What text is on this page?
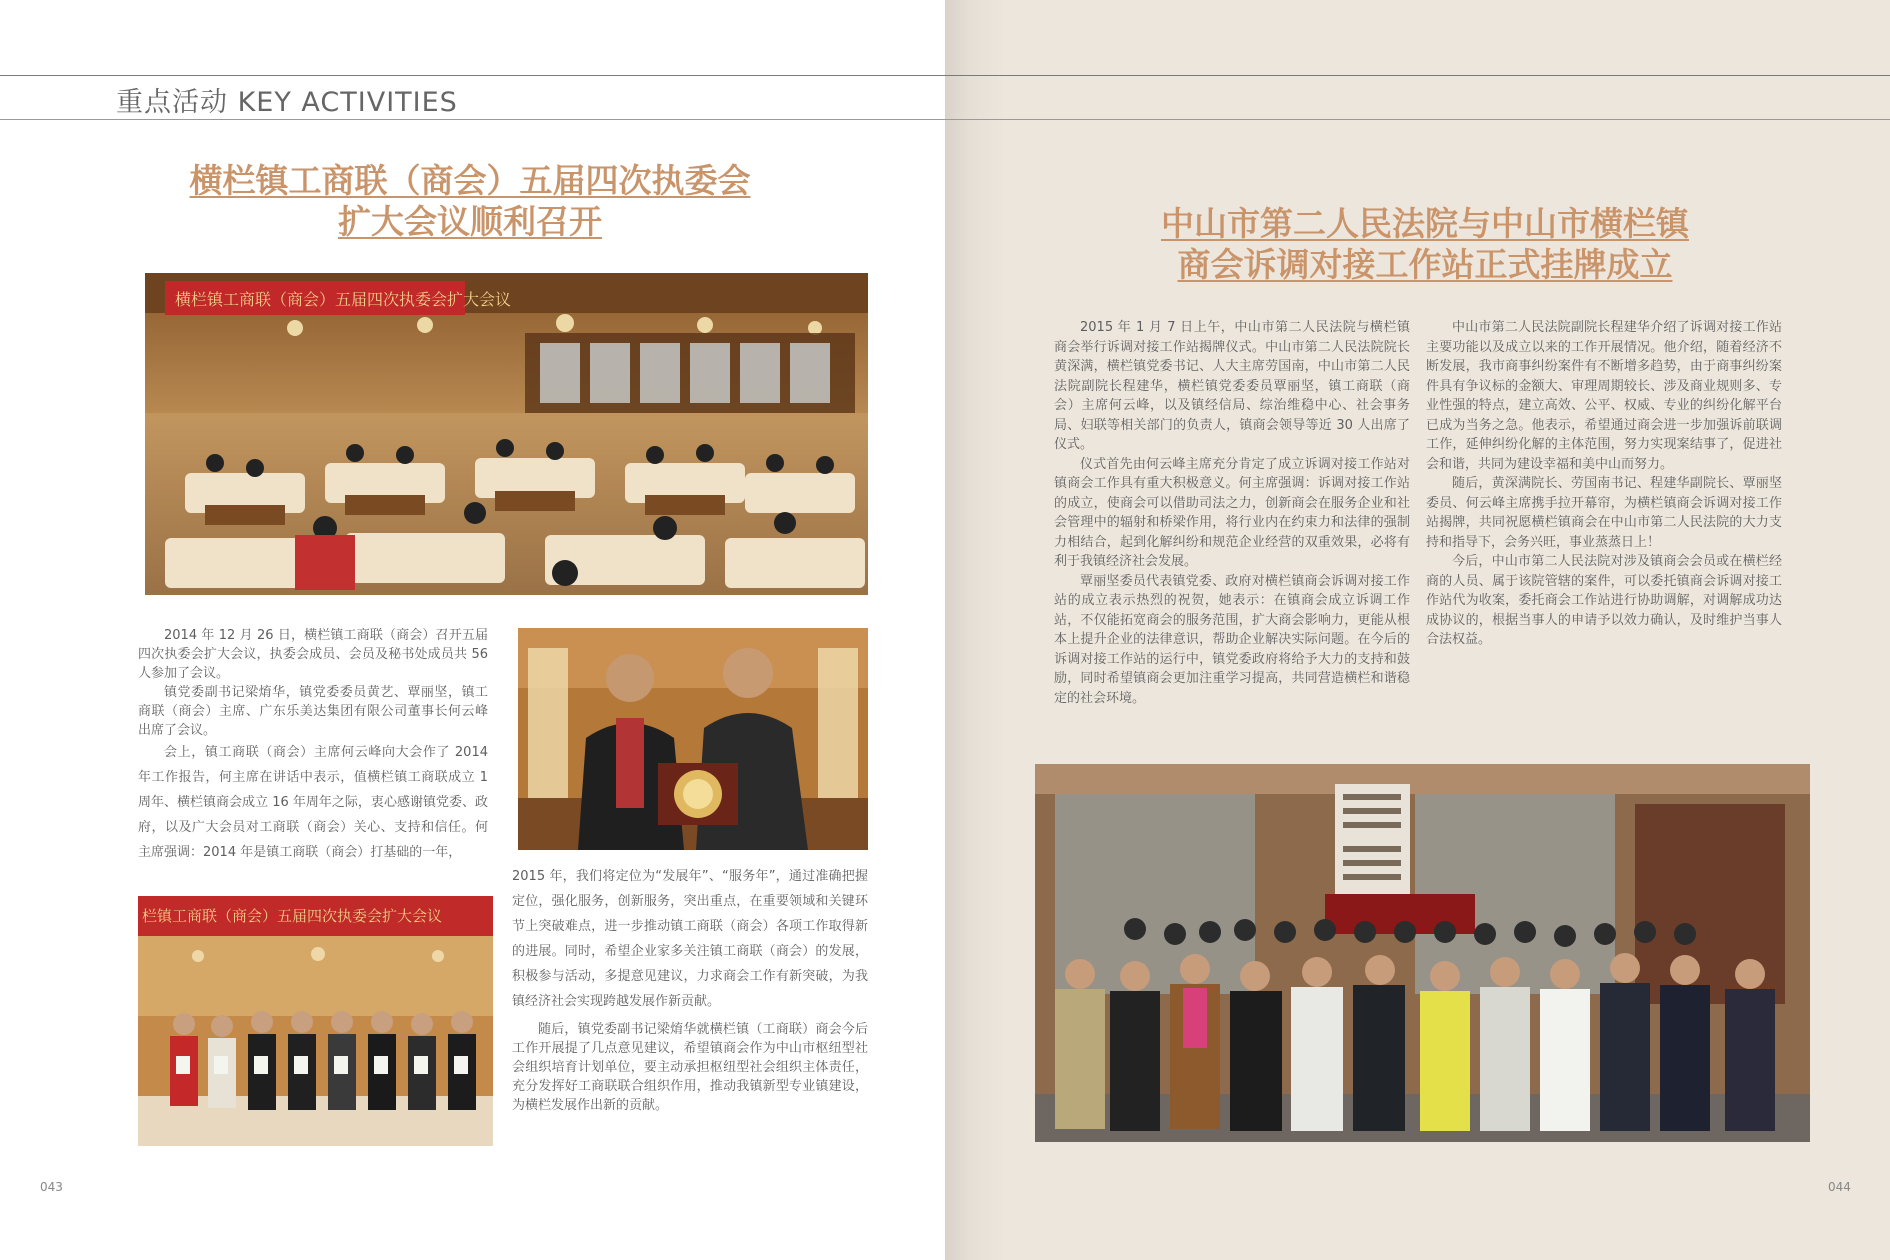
重点活动 KEY ACTIVITIES
横栏镇工商联（商会）五届四次执委会
扩大会议顺利召开
横栏镇工商联（商会）五届四次执委会扩大会议

2014 年 12 月 26 日，横栏镇工商联（商会）召开五届四次执委会扩大会议，执委会成员、会员及秘书处成员共 56 人参加了会议。

镇党委副书记梁焴华，镇党委委员黄艺、覃丽坚，镇工商联（商会）主席、广东乐美达集团有限公司董事长何云峰出席了会议。

会上，镇工商联（商会）主席何云峰向大会作了 2014 年工作报告，何主席在讲话中表示，值横栏镇工商联成立 1 周年、横栏镇商会成立 16 年周年之际，衷心感谢镇党委、政府，以及广大会员对工商联（商会）关心、支持和信任。何主席强调：2014 年是镇工商联（商会）打基础的一年，

栏镇工商联（商会）五届四次执委会扩大会议

2015 年，我们将定位为“发展年”、“服务年”，通过准确把握定位，强化服务，创新服务，突出重点，在重要领域和关键环节上突破难点，进一步推动镇工商联（商会）各项工作取得新的进展。同时，希望企业家多关注镇工商联（商会）的发展，积极参与活动，多提意见建议，力求商会工作有新突破，为我镇经济社会实现跨越发展作新贡献。

随后，镇党委副书记梁焴华就横栏镇（工商联）商会今后工作开展提了几点意见建议，希望镇商会作为中山市枢纽型社会组织培育计划单位，要主动承担枢纽型社会组织主体责任，充分发挥好工商联联合组织作用，推动我镇新型专业镇建设，为横栏发展作出新的贡献。

043
中山市第二人民法院与中山市横栏镇
商会诉调对接工作站正式挂牌成立

2015 年 1 月 7 日上午，中山市第二人民法院与横栏镇商会举行诉调对接工作站揭牌仪式。中山市第二人民法院院长黄深满，横栏镇党委书记、人大主席劳国南，中山市第二人民法院副院长程建华，横栏镇党委委员覃丽坚，镇工商联（商会）主席何云峰，以及镇经信局、综治维稳中心、社会事务局、妇联等相关部门的负责人，镇商会领导等近 30 人出席了仪式。

仪式首先由何云峰主席充分肯定了成立诉调对接工作站对镇商会工作具有重大积极意义。何主席强调：诉调对接工作站的成立，使商会可以借助司法之力，创新商会在服务企业和社会管理中的辐射和桥梁作用，将行业内在约束力和法律的强制力相结合，起到化解纠纷和规范企业经营的双重效果，必将有利于我镇经济社会发展。

覃丽坚委员代表镇党委、政府对横栏镇商会诉调对接工作站的成立表示热烈的祝贺，她表示：在镇商会成立诉调工作站，不仅能拓宽商会的服务范围，扩大商会影响力，更能从根本上提升企业的法律意识，帮助企业解决实际问题。在今后的诉调对接工作站的运行中，镇党委政府将给予大力的支持和鼓励，同时希望镇商会更加注重学习提高，共同营造横栏和谐稳定的社会环境。

中山市第二人民法院副院长程建华介绍了诉调对接工作站主要功能以及成立以来的工作开展情况。他介绍，随着经济不断发展，我市商事纠纷案件有不断增多趋势，由于商事纠纷案件具有争议标的金额大、审理周期较长、涉及商业规则多、专业性强的特点，建立高效、公平、权威、专业的纠纷化解平台已成为当务之急。他表示，希望通过商会进一步加强诉前联调工作，延伸纠纷化解的主体范围，努力实现案结事了，促进社会和谐，共同为建设幸福和美中山而努力。

随后，黄深满院长、劳国南书记、程建华副院长、覃丽坚委员、何云峰主席携手拉开幕帘，为横栏镇商会诉调对接工作站揭牌，共同祝愿横栏镇商会在中山市第二人民法院的大力支持和指导下，会务兴旺，事业蒸蒸日上！

今后，中山市第二人民法院对涉及镇商会会员或在横栏经商的人员、属于该院管辖的案件，可以委托镇商会诉调对接工作站代为收案，委托商会工作站进行协助调解，对调解成功达成协议的，根据当事人的申请予以效力确认，及时维护当事人合法权益。

044
